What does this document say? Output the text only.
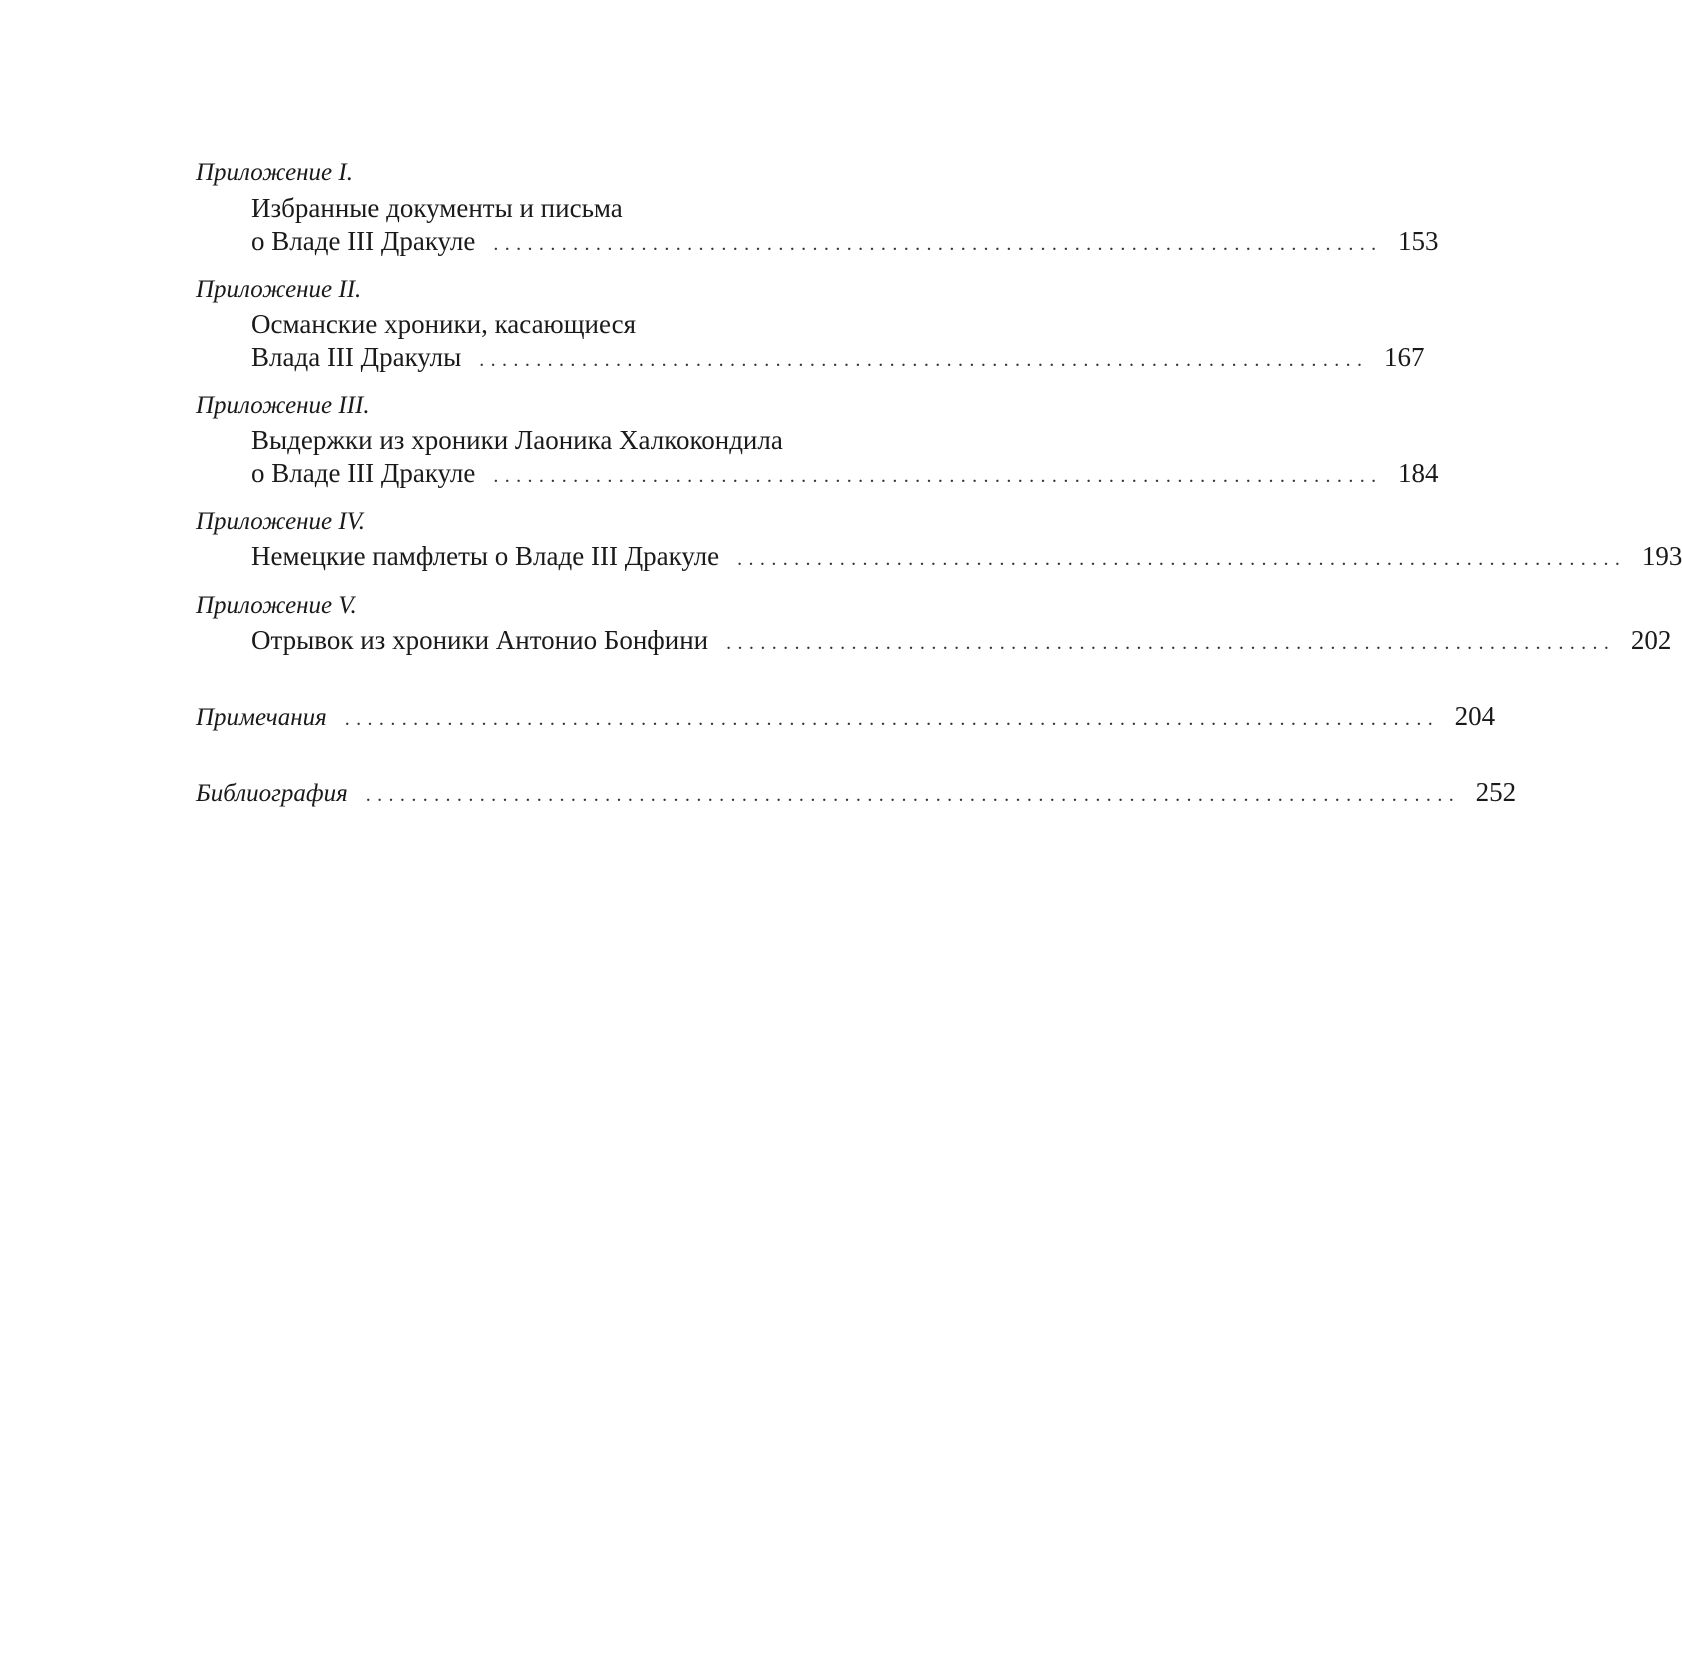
Приложение I.
Избранные документы и письма
о Владе III Дракуле .............................................................................. 153
Приложение II.
Османские хроники, касающиеся
Влада III Дракулы .............................................................................. 167
Приложение III.
Выдержки из хроники Лаоника Халкокондила
о Владе III Дракуле .............................................................................. 184
Приложение IV.
Немецкие памфлеты о Владе III Дракуле .............................................................................. 193
Приложение V.
Отрывок из хроники Антонио Бонфини .............................................................................. 202
Примечания ................................................................................................ 204
Библиография ................................................................................................ 252
